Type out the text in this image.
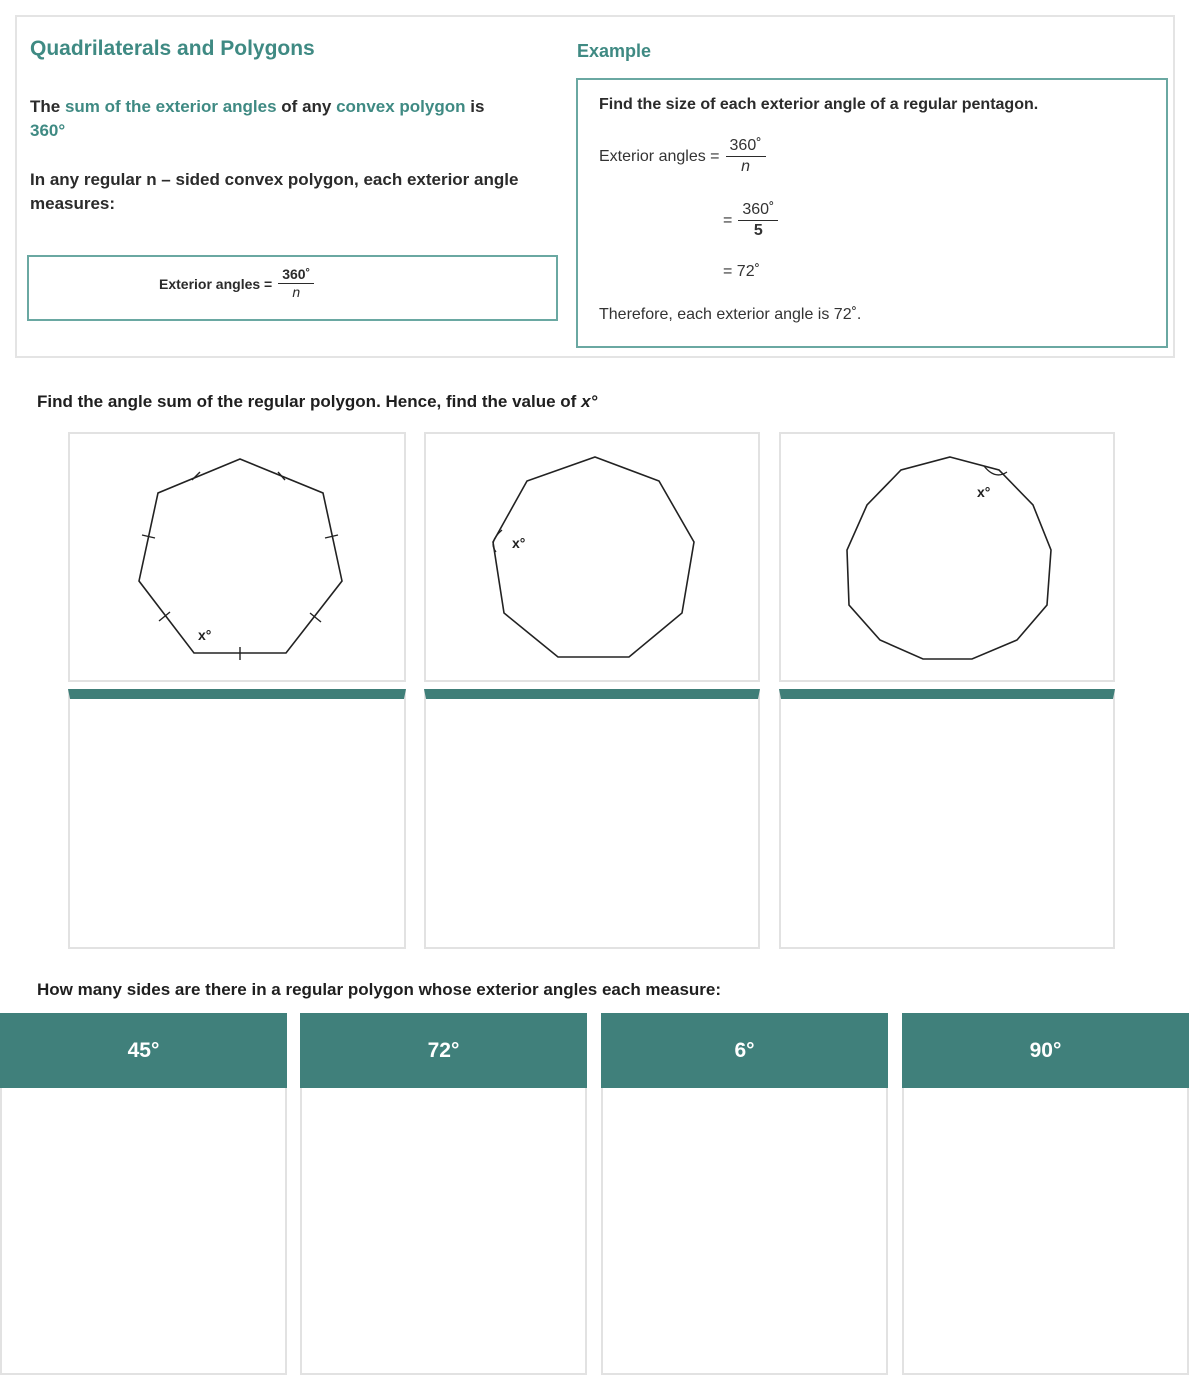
Quadrilaterals and Polygons
The sum of the exterior angles of any convex polygon is
360°
In any regular n – sided convex polygon, each exterior angle measures:
Exterior angles = $\frac{360˚}{n}$
Example
Find the size of each exterior angle of a regular pentagon.
Exterior angles = $\frac{360˚}{n}$
= $\frac{360˚}{5}$
= 72˚
Therefore, each exterior angle is 72˚.
Find the angle sum of the regular polygon. Hence, find the value of x°
x°
x°
x°
How many sides are there in a regular polygon whose exterior angles each measure:
45°	72°	6°	90°
